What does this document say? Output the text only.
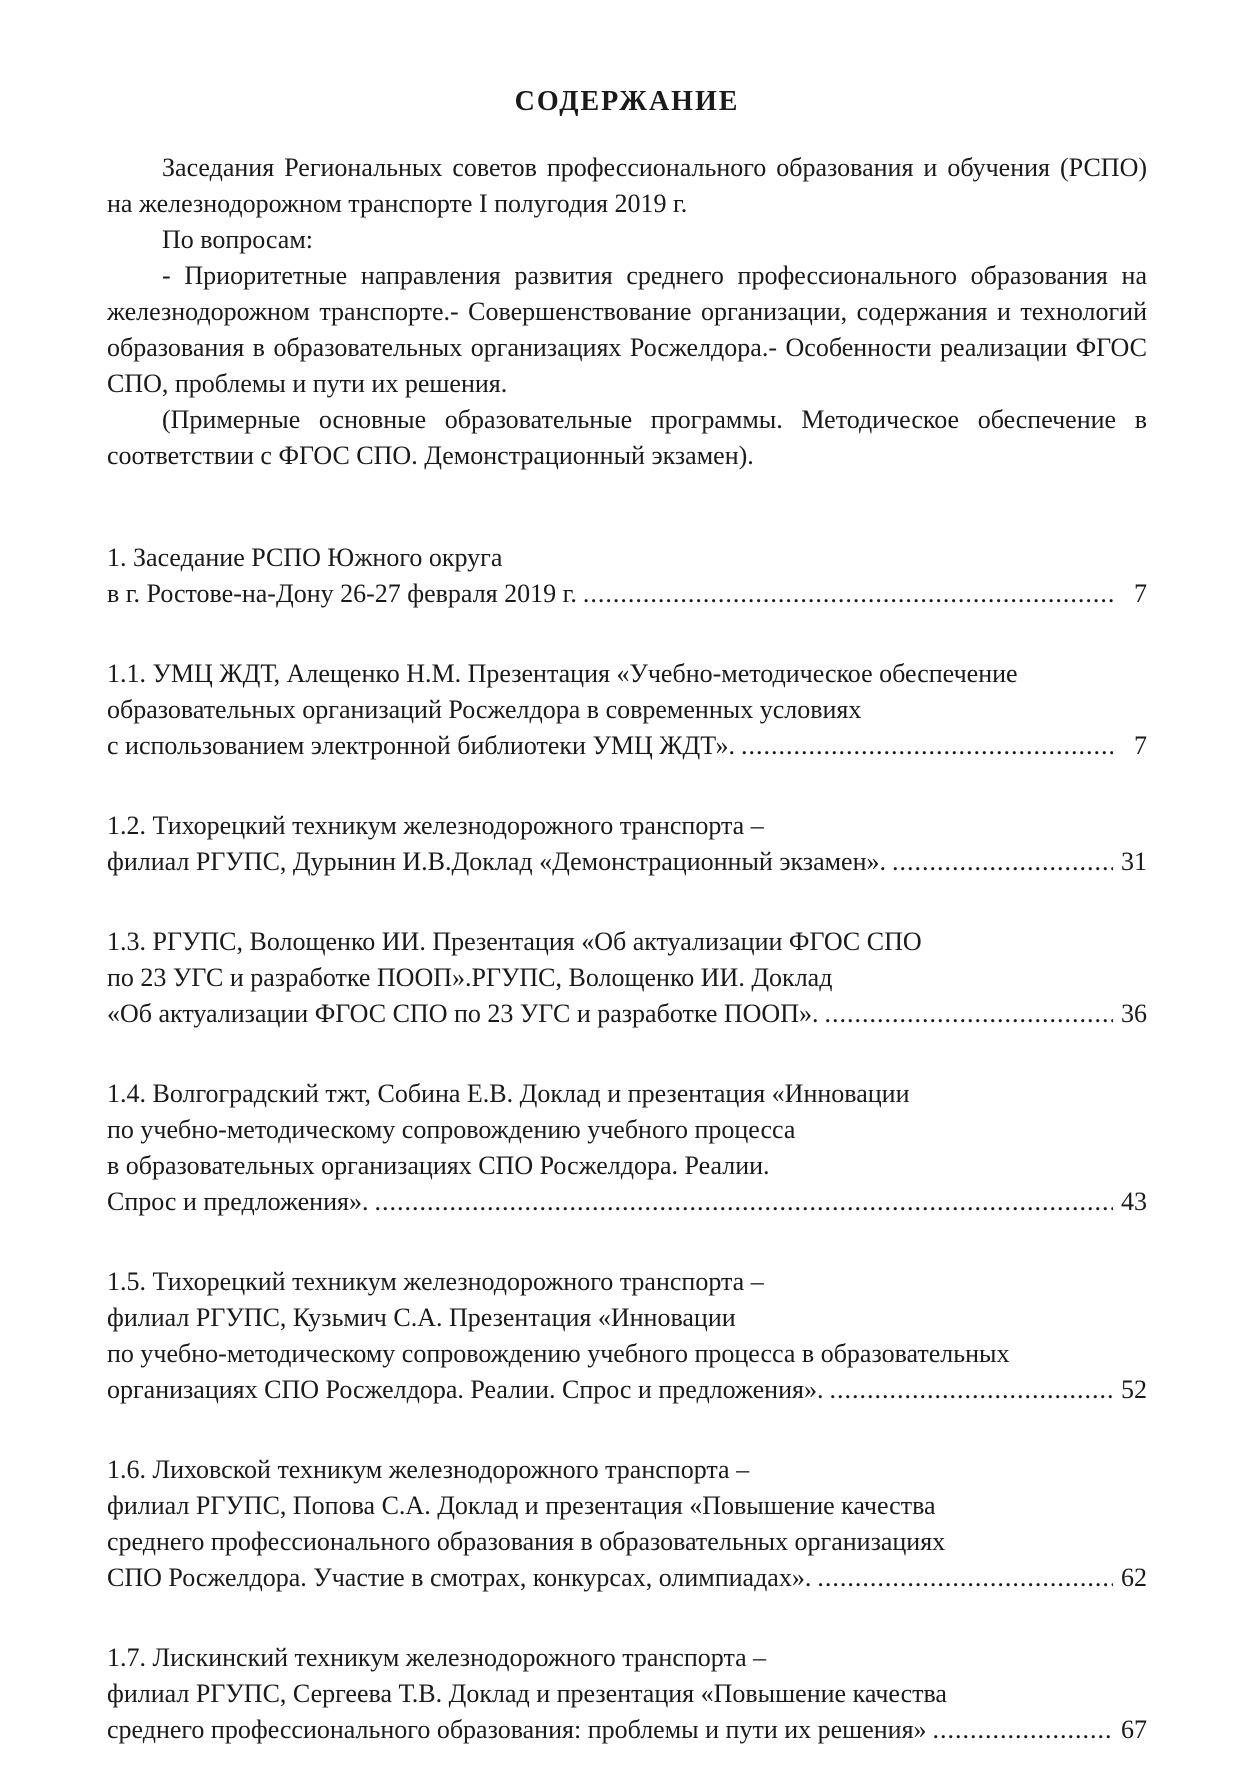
СОДЕРЖАНИЕ

Заседания Региональных советов профессионального образования и обучения (РСПО) на железнодорожном транспорте I полугодия 2019 г.

По вопросам:

- Приоритетные направления развития среднего профессионального образования на железнодорожном транспорте.- Совершенствование организации, содержания и технологий образования в образовательных организациях Росжелдора.- Особенности реализации ФГОС СПО, проблемы и пути их решения.

(Примерные основные образовательные программы. Методическое обеспечение в соответствии с ФГОС СПО. Демонстрационный экзамен).

1. Заседание РСПО Южного округа
в г. Ростове-на-Дону 26-27 февраля 2019 г. .....	7
1.1. УМЦ ЖДТ, Алещенко Н.М. Презентация «Учебно-методическое обеспечение
образовательных организаций Росжелдора в современных условиях
с использованием электронной библиотеки УМЦ ЖДТ». .....	7
1.2. Тихорецкий техникум железнодорожного транспорта –
филиал РГУПС, Дурынин И.В.Доклад «Демонстрационный экзамен». .....	31
1.3. РГУПС, Волощенко ИИ. Презентация «Об актуализации ФГОС СПО
по 23 УГС и разработке ПООП».РГУПС, Волощенко ИИ. Доклад
«Об актуализации ФГОС СПО по 23 УГС и разработке ПООП». .....	36
1.4. Волгоградский тжт, Собина Е.В. Доклад и презентация «Инновации
по учебно-методическому сопровождению учебного процесса
в образовательных организациях СПО Росжелдора. Реалии.
Спрос и предложения». .....	43
1.5. Тихорецкий техникум железнодорожного транспорта –
филиал РГУПС, Кузьмич С.А. Презентация «Инновации
по учебно-методическому сопровождению учебного процесса в образовательных
организациях СПО Росжелдора. Реалии. Спрос и предложения». .....	52
1.6. Лиховской техникум железнодорожного транспорта –
филиал РГУПС, Попова С.А. Доклад и презентация «Повышение качества
среднего профессионального образования в образовательных организациях
СПО Росжелдора. Участие в смотрах, конкурсах, олимпиадах». .....	62
1.7. Лискинский техникум железнодорожного транспорта –
филиал РГУПС, Сергеева Т.В. Доклад и презентация «Повышение качества
среднего профессионального образования: проблемы и пути их решения» .....	67
